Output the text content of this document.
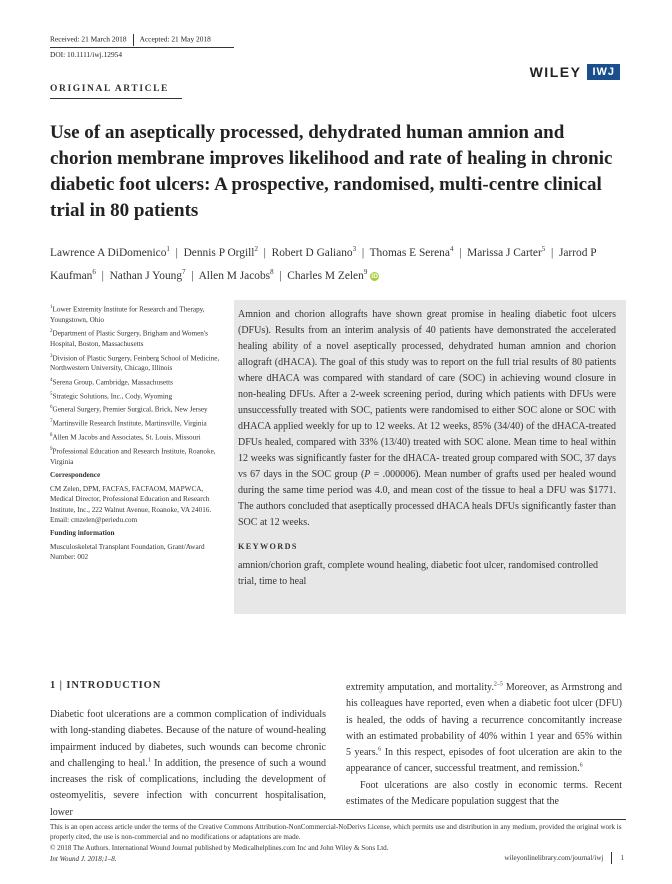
Received: 21 March 2018 Accepted: 21 May 2018
DOI: 10.1111/iwj.12954
WILEY	IWJ
ORIGINAL ARTICLE
Use of an aseptically processed, dehydrated human amnion and chorion membrane improves likelihood and rate of healing in chronic diabetic foot ulcers: A prospective, randomised, multi-centre clinical trial in 80 patients
Lawrence A DiDomenico$^1$  |  Dennis P Orgill$^2$  |  Robert D Galiano$^3$  |  Thomas E Serena$^4$  |  Marissa J Carter$^5$  |  Jarrod P Kaufman$^6$  |  Nathan J Young$^7$  |  Allen M Jacobs$^8$  |  Charles M Zelen$^9$ iD

$^1$Lower Extremity Institute for Research and Therapy, Youngstown, Ohio

$^2$Department of Plastic Surgery, Brigham and Women's Hospital, Boston, Massachusetts

$^3$Division of Plastic Surgery, Feinberg School of Medicine, Northwestern University, Chicago, Illinois

$^4$Serena Group, Cambridge, Massachusetts

$^5$Strategic Solutions, Inc., Cody, Wyoming

$^6$General Surgery, Premier Surgical, Brick, New Jersey

$^7$Martinsville Research Institute, Martinsville, Virginia

$^8$Allen M Jacobs and Associates, St. Louis, Missouri

$^9$Professional Education and Research Institute, Roanoke, Virginia

Correspondence

CM Zelen, DPM, FACFAS, FACFAOM, MAPWCA, Medical Director, Professional Education and Research Institute, Inc., 222 Walnut Avenue, Roanoke, VA 24016.

Email: cmzelen@periedu.com

Funding information

Musculoskeletal Transplant Foundation, Grant/Award Number: 002

Amnion and chorion allografts have shown great promise in healing diabetic foot ulcers (DFUs). Results from an interim analysis of 40 patients have demonstrated the accelerated healing ability of a novel aseptically processed, dehydrated human amnion and chorion allograft (dHACA). The goal of this study was to report on the full trial results of 80 patients where dHACA was compared with standard of care (SOC) in achieving wound closure in non-healing DFUs. After a 2-week screening period, during which patients with DFUs were unsuccessfully treated with SOC, patients were randomised to either SOC alone or SOC with dHACA applied weekly for up to 12 weeks. At 12 weeks, 85% (34/40) of the dHACA-treated DFUs healed, compared with 33% (13/40) treated with SOC alone. Mean time to heal within 12 weeks was significantly faster for the dHACA- treated group compared with SOC, 37 days vs 67 days in the SOC group (P = .000006). Mean number of grafts used per healed wound during the same time period was 4.0, and mean cost of the tissue to heal a DFU was $1771. The authors concluded that aseptically processed dHACA heals DFUs significantly faster than SOC at 12 weeks.
KEYWORDS
amnion/chorion graft, complete wound healing, diabetic foot ulcer, randomised controlled trial, time to heal
1 | INTRODUCTION
Diabetic foot ulcerations are a common complication of individuals with long-standing diabetes. Because of the nature of wound-healing impairment induced by diabetes, such wounds can become chronic and challenging to heal.$^1$ In addition, the presence of such a wound increases the risk of complications, including the development of osteomyelitis, severe infection with concurrent hospitalisation, lower

extremity amputation, and mortality.$^{2-5}$ Moreover, as Armstrong and his colleagues have reported, even when a diabetic foot ulcer (DFU) is healed, the odds of having a recurrence concomitantly increase with an estimated probability of 40% within 1 year and 65% within 5 years.$^6$ In this respect, episodes of foot ulceration are akin to the appearance of cancer, successful treatment, and remission.$^6$

Foot ulcerations are also costly in economic terms. Recent estimates of the Medicare population suggest that the

This is an open access article under the terms of the Creative Commons Attribution-NonCommercial-NoDerivs License, which permits use and distribution in any medium, provided the original work is properly cited, the use is non-commercial and no modifications or adaptations are made.
© 2018 The Authors. International Wound Journal published by Medicalhelplines.com Inc and John Wiley & Sons Ltd.
Int Wound J. 2018;1–8.	wileyonlinelibrary.com/journal/iwj 1
